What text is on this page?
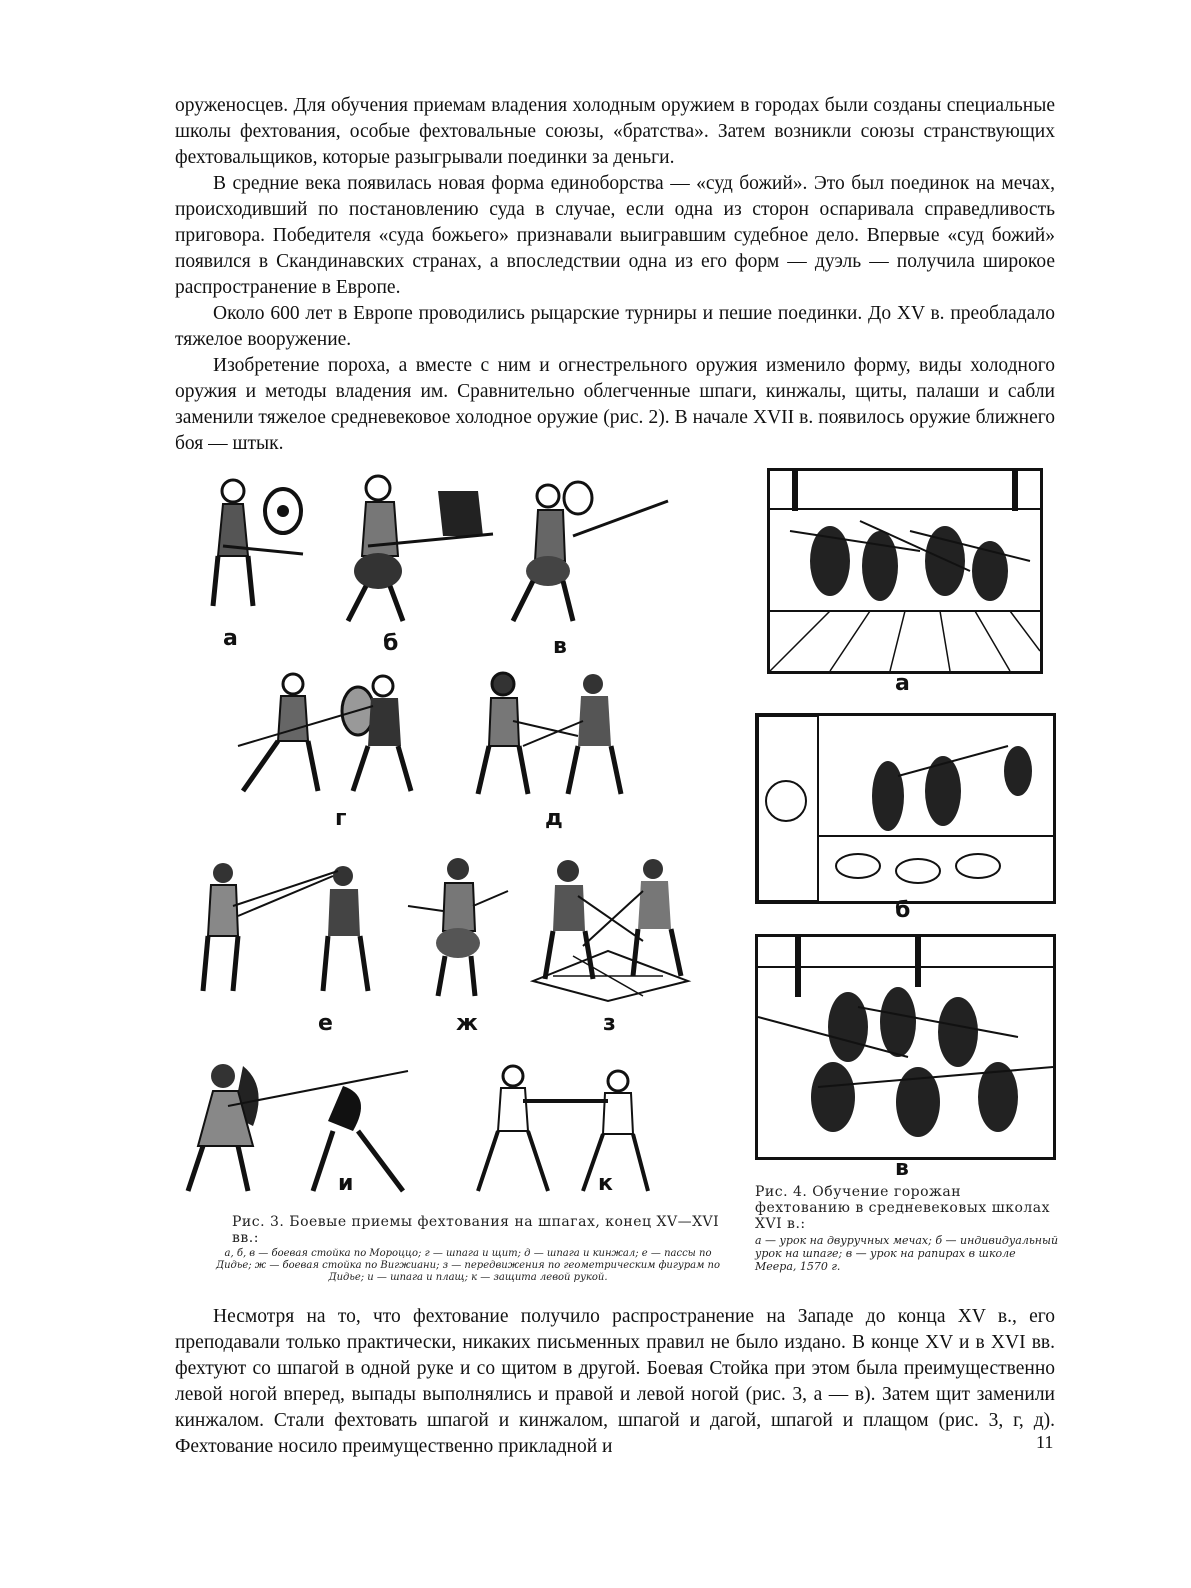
оруженосцев. Для обучения приемам владения холодным оружием в городах были созданы специальные школы фехтования, особые фехтовальные союзы, «братства». Затем возникли союзы странствующих фехтовальщиков, которые разыгрывали поединки за деньги.

В средние века появилась новая форма единоборства — «суд божий». Это был поединок на мечах, происходивший по постановлению суда в случае, если одна из сторон оспаривала справедливость приговора. Победителя «суда божьего» признавали выигравшим судебное дело. Впервые «суд божий» появился в Скандинавских странах, а впоследствии одна из его форм — дуэль — получила широкое распространение в Европе.

Около 600 лет в Европе проводились рыцарские турниры и пешие поединки. До XV в. преобладало тяжелое вооружение.

Изобретение пороха, а вместе с ним и огнестрельного оружия изменило форму, виды холодного оружия и методы владения им. Сравнительно облегченные шпаги, кинжалы, щиты, палаши и сабли заменили тяжелое средневековое холодное оружие (рис. 2). В начале XVII в. появилось оружие ближнего боя — штык.

а	б	в
г	д
е	ж	з
и	к
Рис. 3. Боевые приемы фехтования на шпагах, конец XV—XVI вв.:
а, б, в — боевая стойка по Мороццо; г — шпага и щит; д — шпага и кинжал; е — пассы по Дидье; ж — боевая стойка по Вигжиани; з — передвижения по геометрическим фигурам по Дидье; и — шпага и плащ; к — защита левой рукой.
а
б
в
Рис. 4. Обучение горожан фехтованию в средневековых школах XVI в.:
а — урок на двуручных мечах; б — индивидуальный урок на шпаге; в — урок на рапирах в школе Меера, 1570 г.

Несмотря на то, что фехтование получило распространение на Западе до конца XV в., его преподавали только практически, никаких письменных правил не было издано. В конце XV и в XVI вв. фехтуют со шпагой в одной руке и со щитом в другой. Боевая Стойка при этом была преимущественно левой ногой вперед, выпады выполнялись и правой и левой ногой (рис. 3, а — в). Затем щит заменили кинжалом. Стали фехтовать шпагой и кинжалом, шпагой и дагой, шпагой и плащом (рис. 3, г, д). Фехтование носило преимущественно прикладной и	11
